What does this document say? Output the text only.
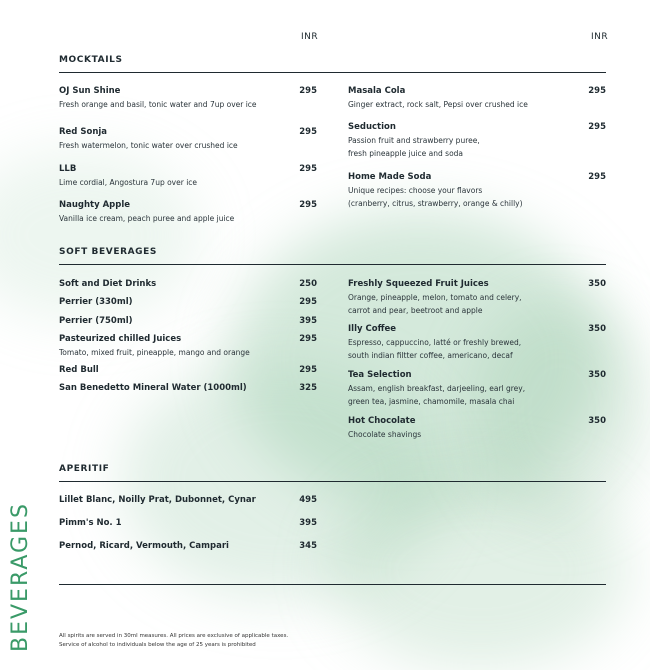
INR	INR
MOCKTAILS
OJ Sun Shine	295
Fresh orange and basil, tonic water and 7up over ice
Red Sonja	295
Fresh watermelon, tonic water over crushed ice
LLB	295
Lime cordial, Angostura 7up over ice
Naughty Apple	295
Vanilla ice cream, peach puree and apple juice
Masala Cola	295
Ginger extract, rock salt, Pepsi over crushed ice
Seduction	295
Passion fruit and strawberry puree,
fresh pineapple juice and soda
Home Made Soda	295
Unique recipes: choose your flavors
(cranberry, citrus, strawberry, orange & chilly)
SOFT BEVERAGES
Soft and Diet Drinks	250
Perrier (330ml)	295
Perrier (750ml)	395
Pasteurized chilled Juices	295
Tomato, mixed fruit, pineapple, mango and orange
Red Bull	295
San Benedetto Mineral Water (1000ml)	325
Freshly Squeezed Fruit Juices	350
Orange, pineapple, melon, tomato and celery,
carrot and pear, beetroot and apple
Illy Coffee	350
Espresso, cappuccino, latté or freshly brewed,
south indian filtter coffee, americano, decaf
Tea Selection	350
Assam, english breakfast, darjeeling, earl grey,
green tea, jasmine, chamomile, masala chai
Hot Chocolate	350
Chocolate shavings
APERITIF
Lillet Blanc, Noilly Prat, Dubonnet, Cynar	495
Pimm's No. 1	395
Pernod, Ricard, Vermouth, Campari	345
BEVERAGES	All spirits are served in 30ml measures. All prices are exclusive of applicable taxes.
Service of alcohol to individuals below the age of 25 years is prohibited
